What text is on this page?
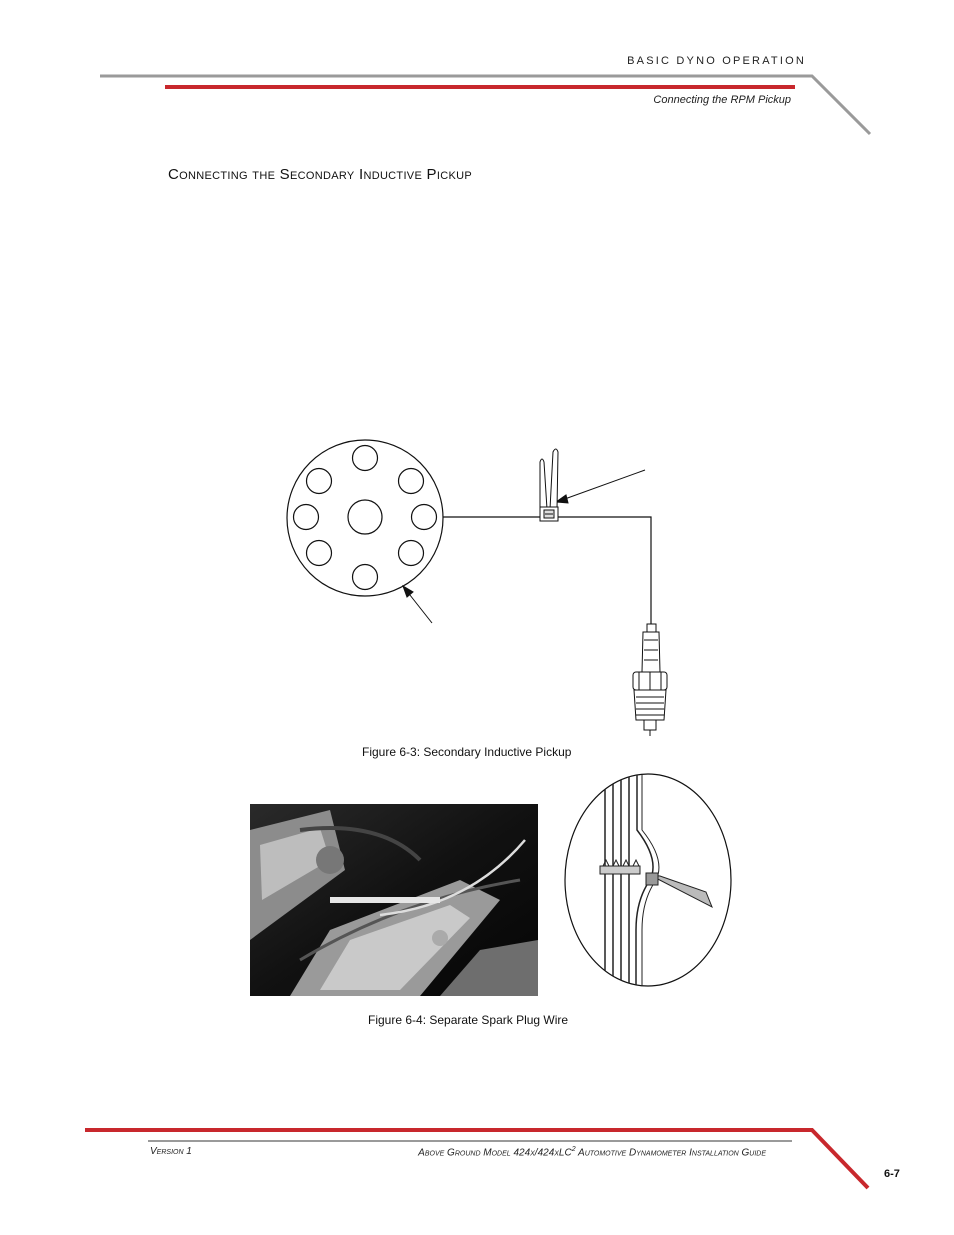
BASIC DYNO OPERATION
Connecting the RPM Pickup
Connecting the Secondary Inductive Pickup
Figure 6-3: Secondary Inductive Pickup
Figure 6-4: Separate Spark Plug Wire
Version 1	Above Ground Model 424x/424xLC$^2$ Automotive Dynamometer Installation Guide
6-7
